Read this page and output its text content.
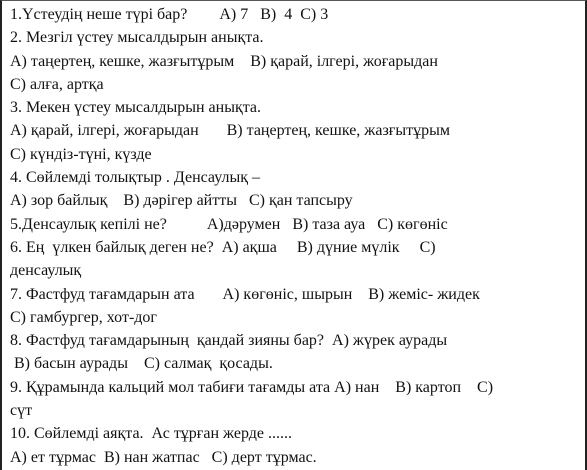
1.Үстеудің неше түрі бар?        A) 7   B)  4  C) 3
2. Мезгіл үстеу мысалдырын анықта.
А) таңертең, кешке, жазғытұрым    В) қарай, ілгері, жоғарыдан
С) алға, артқа
3. Мекен үстеу мысалдырын анықта.
А) қарай, ілгері, жоғарыдан       В) таңертең, кешке, жазғытұрым
С) күндіз-түні, күзде
4. Сөйлемді толықтыр . Денсаулық –
А) зор байлық    В) дәрігер айтты   С) қан тапсыру
5.Денсаулық кепілі не?          A)дәрумен   B) таза ауа   C) көгөніс
6. Ең  үлкен байлық деген не?  A) ақша     B) дүние мүлік     C)
денсаулық
7. Фастфуд тағамдарын ата       А) көгөніс, шырын    В) жеміс- жидек
С) гамбургер, хот-дог
8. Фастфуд тағамдарының  қандай зияны бар?  А) жүрек аурады
В) басын аурады    С) салмақ  қосады.
9. Құрамында кальций мол табиғи тағамды ата А) нан    В) картоп    С)
сүт
10. Сөйлемді аяқта.  Ас тұрған жерде ......
А) ет тұрмас  В) нан жатпас   С) дерт тұрмас.
